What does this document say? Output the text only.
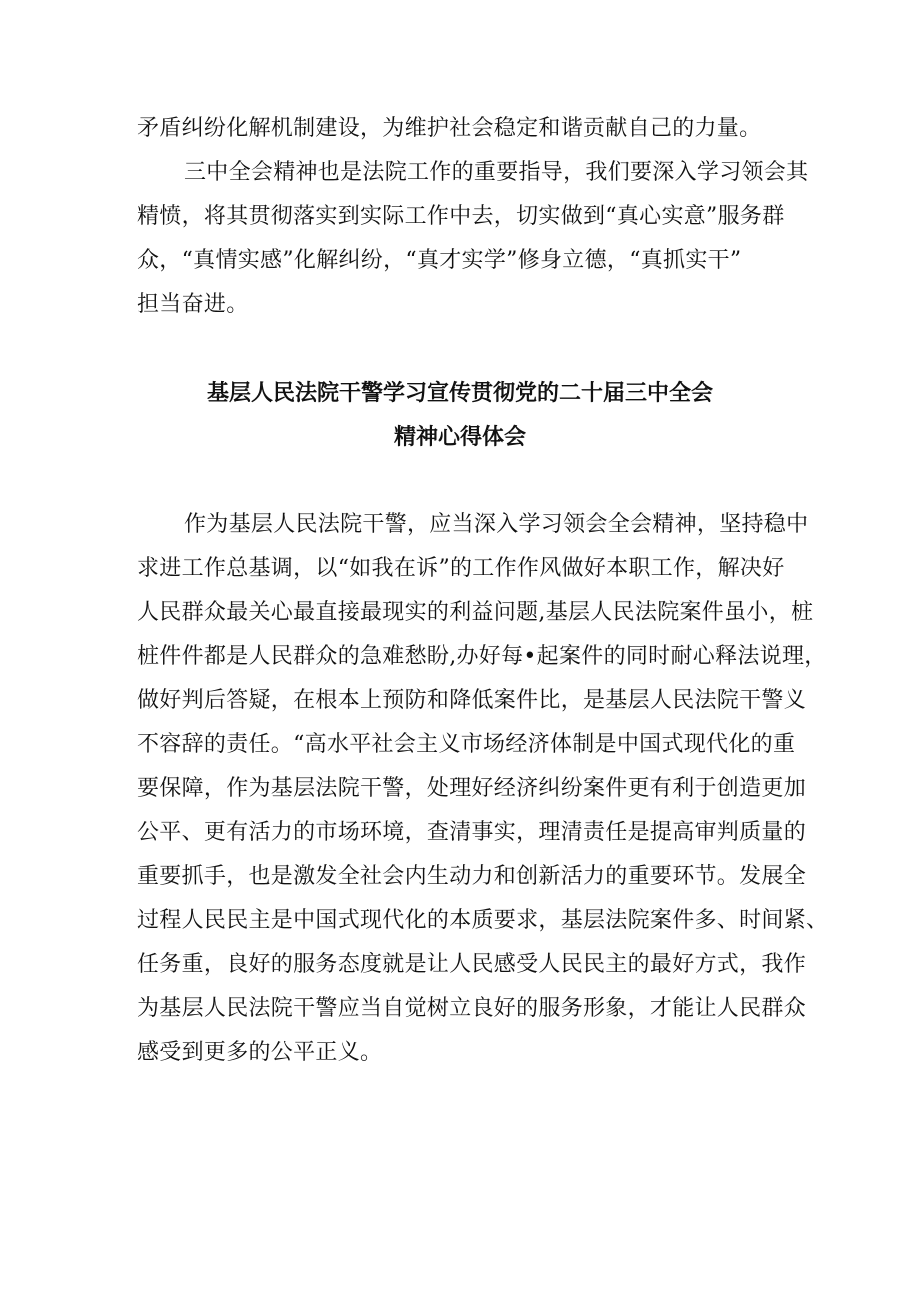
矛盾纠纷化解机制建设，为维护社会稳定和谐贡献自己的力量。
三中全会精神也是法院工作的重要指导，我们要深入学习领会其
精愤，将其贯彻落实到实际工作中去，切实做到“真心实意”服务群
众，“真情实感”化解纠纷，“真才实学”修身立德，“真抓实干”
担当奋进。
基层人民法院干警学习宣传贯彻党的二十届三中全会
精神心得体会
作为基层人民法院干警，应当深入学习领会全会精神，坚持稳中
求进工作总基调，以“如我在诉”的工作作风做好本职工作，解决好
人民群众最关心最直接最现实的利益问题,基层人民法院案件虽小，桩
桩件件都是人民群众的急难愁盼,办好每•起案件的同时耐心释法说理，
做好判后答疑，在根本上预防和降低案件比，是基层人民法院干警义
不容辞的责任。“高水平社会主义市场经济体制是中国式现代化的重
要保障，作为基层法院干警，处理好经济纠纷案件更有利于创造更加
公平、更有活力的市场环境，查清事实，理清责任是提高审判质量的
重要抓手，也是激发全社会内生动力和创新活力的重要环节。发展全
过程人民民主是中国式现代化的本质要求，基层法院案件多、时间紧、
任务重，良好的服务态度就是让人民感受人民民主的最好方式，我作
为基层人民法院干警应当自觉树立良好的服务形象，才能让人民群众
感受到更多的公平正义。
